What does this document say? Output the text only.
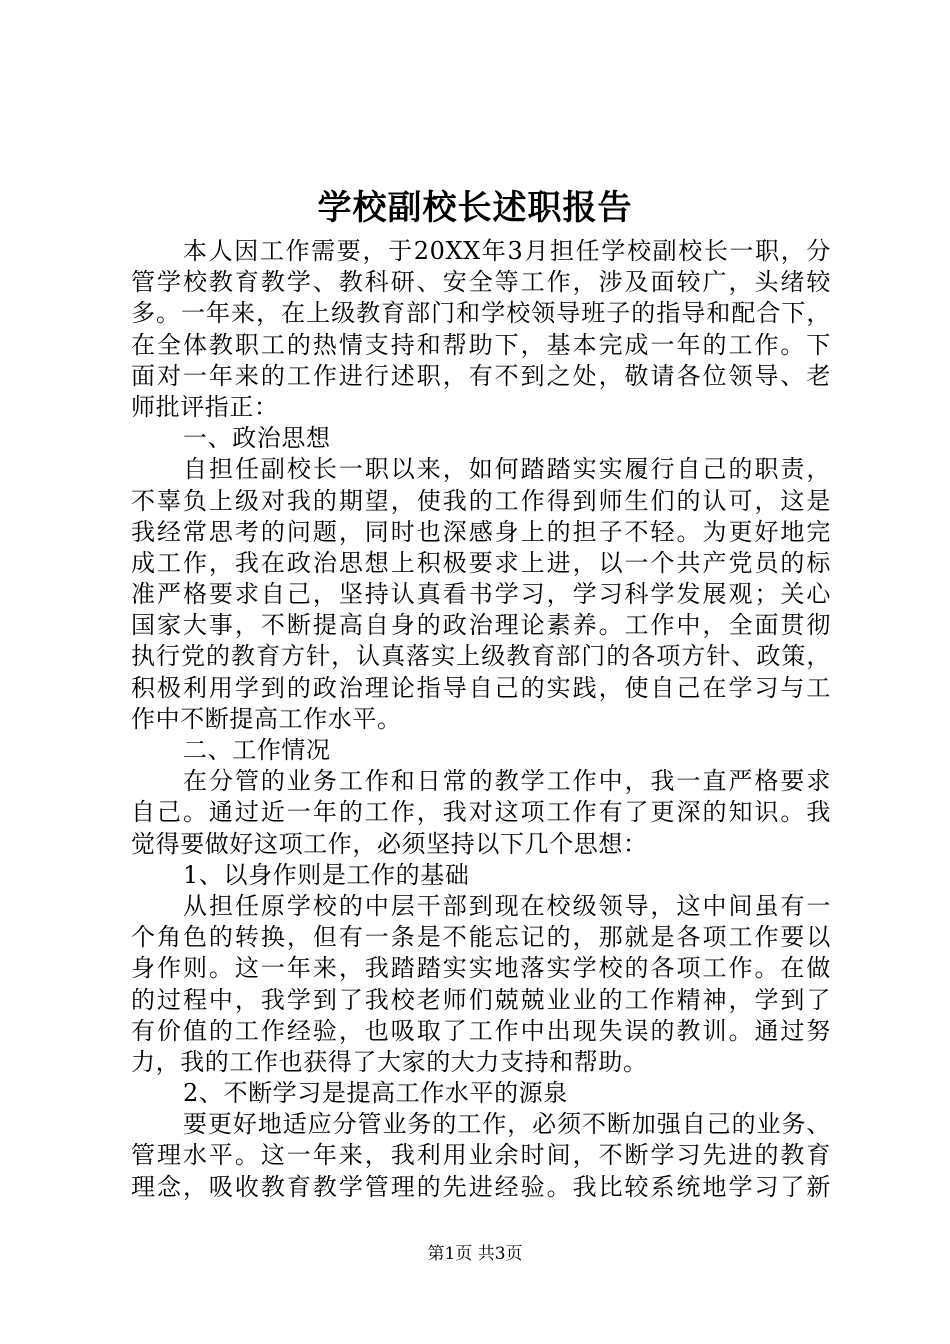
学校副校长述职报告
本人因工作需要，于20XX年3月担任学校副校长一职，分
管学校教育教学、教科研、安全等工作，涉及面较广，头绪较
多。一年来，在上级教育部门和学校领导班子的指导和配合下，
在全体教职工的热情支持和帮助下，基本完成一年的工作。下
面对一年来的工作进行述职，有不到之处，敬请各位领导、老
师批评指正：
一、政治思想
自担任副校长一职以来，如何踏踏实实履行自己的职责，
不辜负上级对我的期望，使我的工作得到师生们的认可，这是
我经常思考的问题，同时也深感身上的担子不轻。为更好地完
成工作，我在政治思想上积极要求上进，以一个共产党员的标
准严格要求自己，坚持认真看书学习，学习科学发展观；关心
国家大事，不断提高自身的政治理论素养。工作中，全面贯彻
执行党的教育方针，认真落实上级教育部门的各项方针、政策，
积极利用学到的政治理论指导自己的实践，使自己在学习与工
作中不断提高工作水平。
二、工作情况
在分管的业务工作和日常的教学工作中，我一直严格要求
自己。通过近一年的工作，我对这项工作有了更深的知识。我
觉得要做好这项工作，必须坚持以下几个思想：
1、以身作则是工作的基础
从担任原学校的中层干部到现在校级领导，这中间虽有一
个角色的转换，但有一条是不能忘记的，那就是各项工作要以
身作则。这一年来，我踏踏实实地落实学校的各项工作。在做
的过程中，我学到了我校老师们兢兢业业的工作精神，学到了
有价值的工作经验，也吸取了工作中出现失误的教训。通过努
力，我的工作也获得了大家的大力支持和帮助。
2、不断学习是提高工作水平的源泉
要更好地适应分管业务的工作，必须不断加强自己的业务、
管理水平。这一年来，我利用业余时间，不断学习先进的教育
理念，吸收教育教学管理的先进经验。我比较系统地学习了新
第1页 共3页
